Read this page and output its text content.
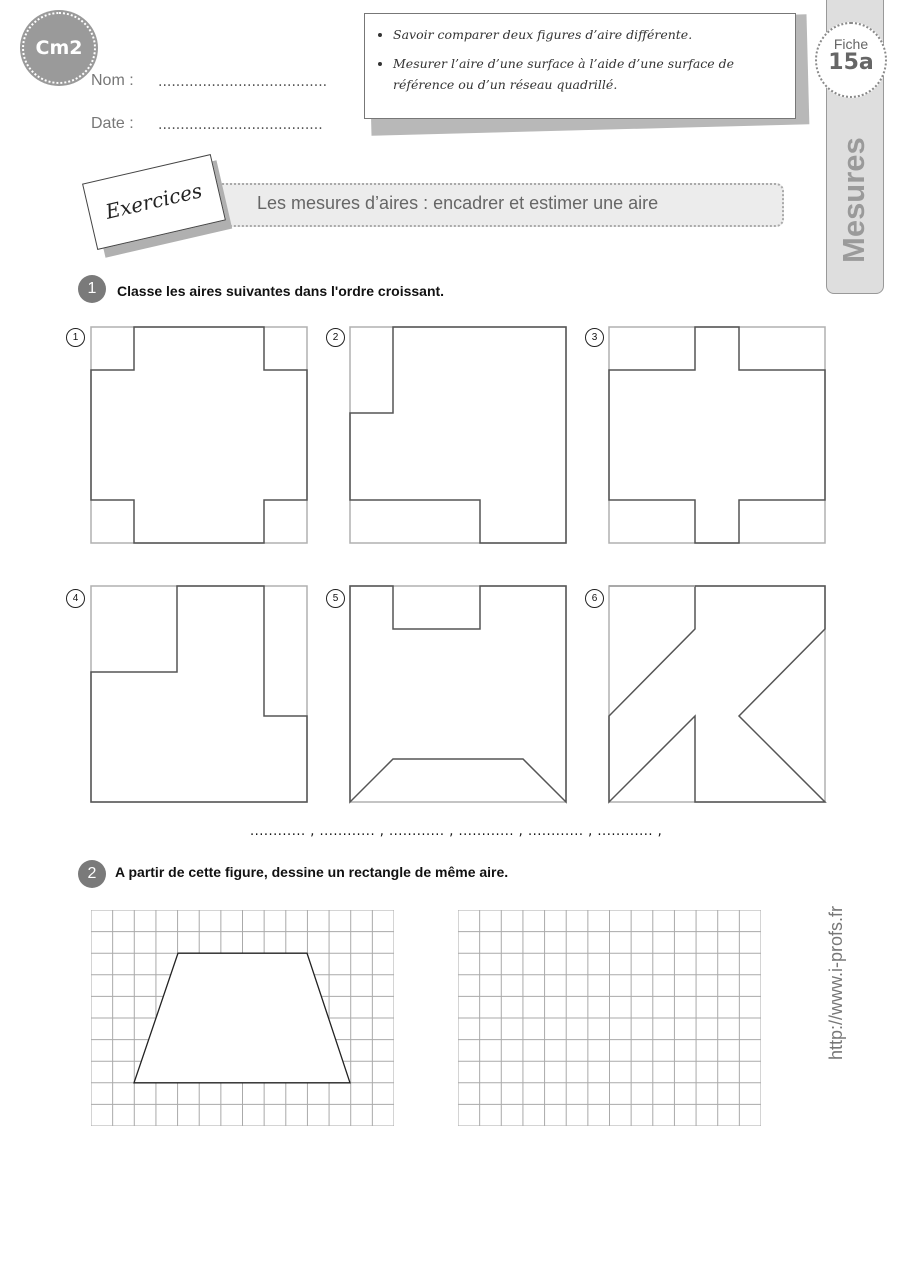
Cm2
Nom : ......................................
Date : .....................................
• Savoir comparer deux figures d’aire différente.
• Mesurer l’aire d’une surface à l’aide d’une surface de référence ou d’un réseau quadrillé.
Mesures
Fiche
15a
Les mesures d’aires : encadrer et estimer une aire
Exercices
1	Classe les aires suivantes dans l'ordre croissant.
1	2	3
4	5	6
............ , ............ , ............ , ............ , ............ , ............ ,
2	A partir de cette figure, dessine un rectangle de même aire.
http://www.i-profs.fr
